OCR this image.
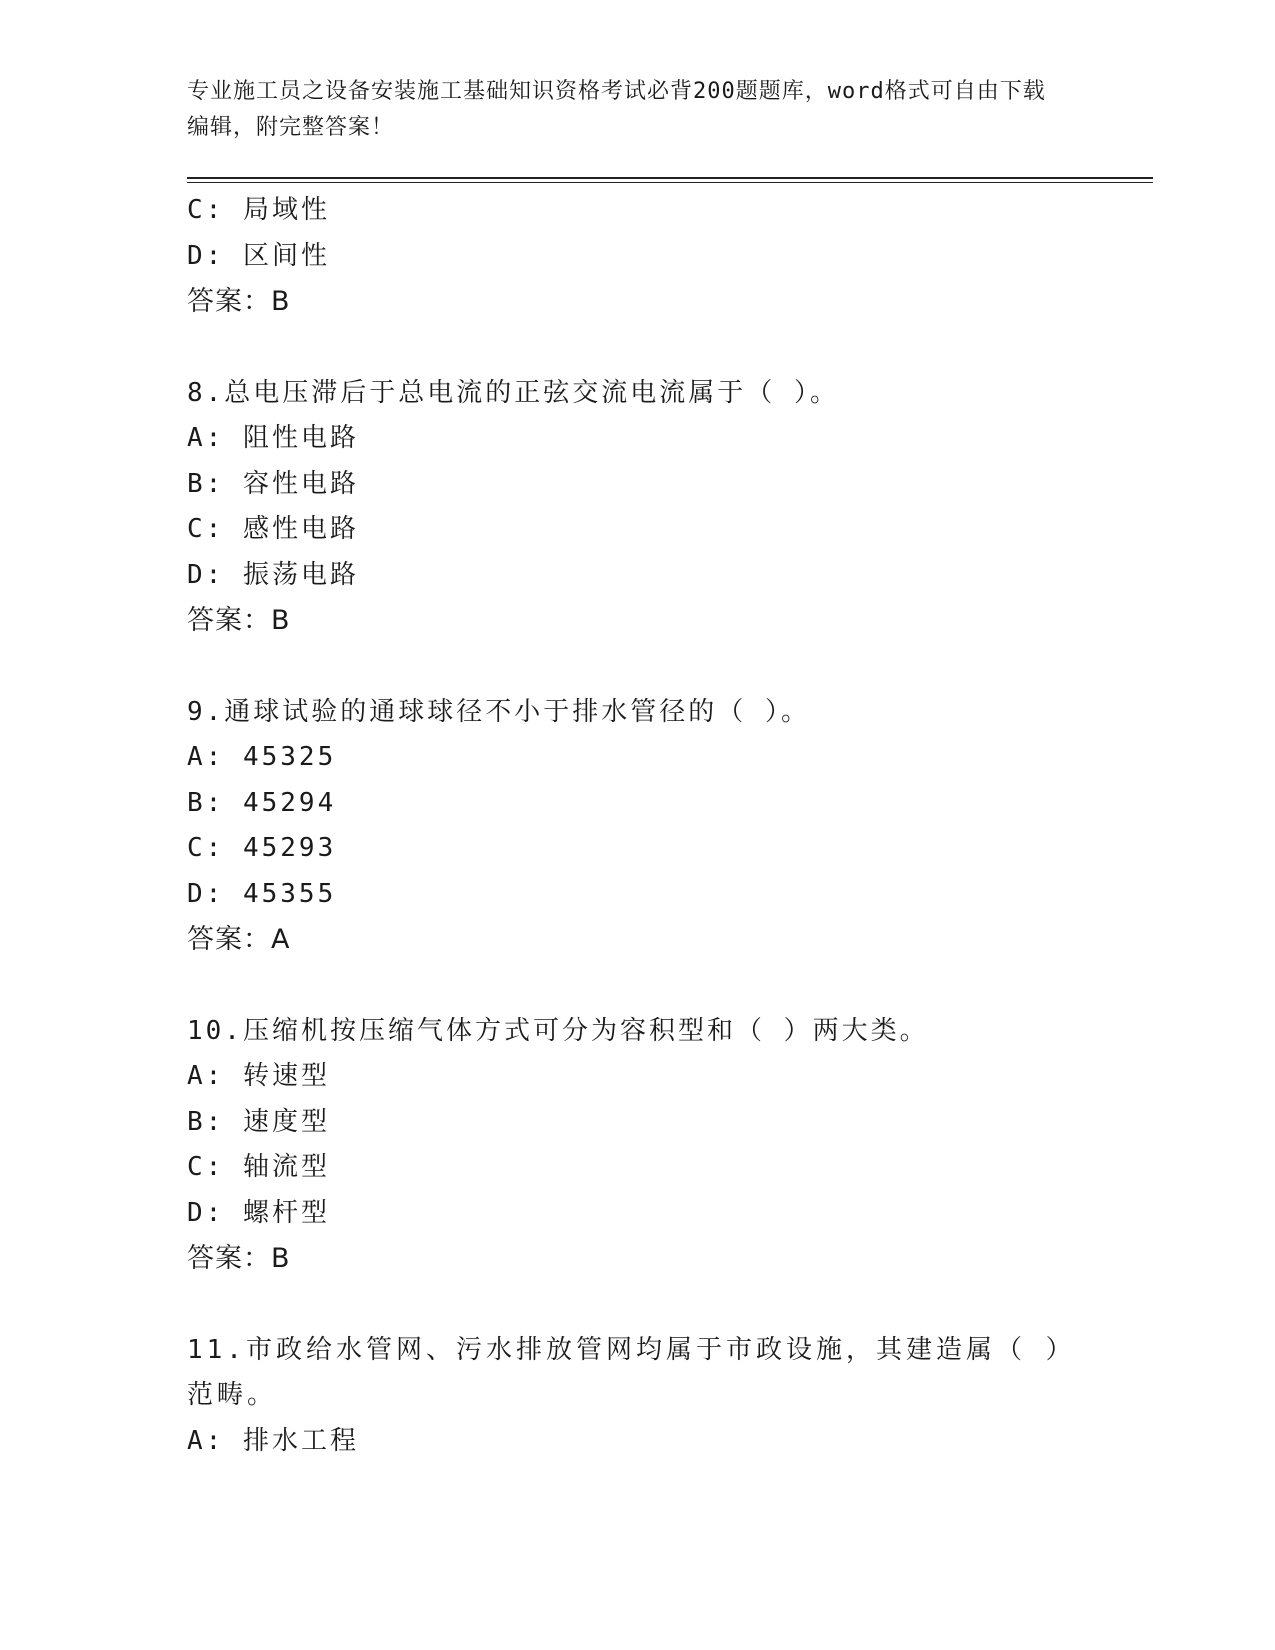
专业施工员之设备安装施工基础知识资格考试必背200题题库，word格式可自由下载编辑，附完整答案！
C: 局域性
D: 区间性
答案：B
8.总电压滞后于总电流的正弦交流电流属于（ ）。
A: 阻性电路
B: 容性电路
C: 感性电路
D: 振荡电路
答案：B
9.通球试验的通球球径不小于排水管径的（ ）。
A: 45325
B: 45294
C: 45293
D: 45355
答案：A
10.压缩机按压缩气体方式可分为容积型和（ ）两大类。
A: 转速型
B: 速度型
C: 轴流型
D: 螺杆型
答案：B
11.市政给水管网、污水排放管网均属于市政设施，其建造属（ ）范畴。
A: 排水工程
